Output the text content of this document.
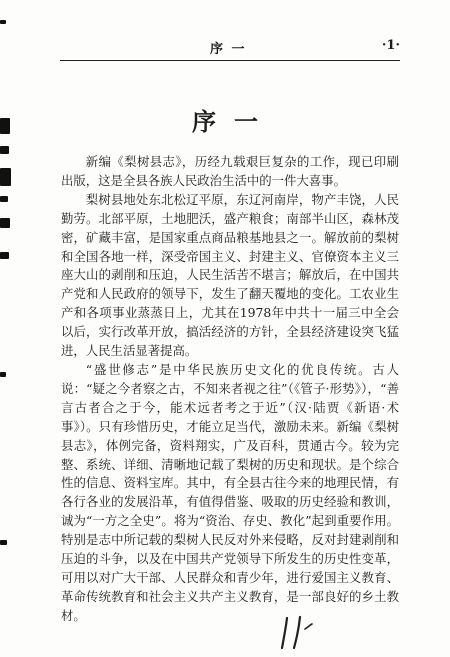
序 一	·1·
序一

新编《梨树县志》，历经九载艰巨复杂的工作，现已印刷出版，这是全县各族人民政治生活中的一件大喜事。

梨树县地处东北松辽平原，东辽河南岸，物产丰饶，人民勤劳。北部平原，土地肥沃，盛产粮食；南部半山区，森林茂密，矿藏丰富，是国家重点商品粮基地县之一。解放前的梨树和全国各地一样，深受帝国主义、封建主义、官僚资本主义三座大山的剥削和压迫，人民生活苦不堪言；解放后，在中国共产党和人民政府的领导下，发生了翻天覆地的变化。工农业生产和各项事业蒸蒸日上，尤其在1978年中共十一届三中全会以后，实行改革开放，搞活经济的方针，全县经济建设突飞猛进，人民生活显著提高。

“盛世修志”是中华民族历史文化的优良传统。古人说：“疑之今者察之古，不知来者视之往”（《管子·形势》），“善言古者合之于今，能术远者考之于近”（汉·陆贾《新语·术事》）。只有珍惜历史，才能立足当代，激励未来。新编《梨树县志》，体例完备，资料翔实，广及百科，贯通古今。较为完整、系统、详细、清晰地记载了梨树的历史和现状。是个综合性的信息、资料宝库。其中，有全县古往今来的地理民情，有各行各业的发展沿革，有值得借鉴、吸取的历史经验和教训，诚为“一方之全史”。将为“资治、存史、教化”起到重要作用。特别是志中所记载的梨树人民反对外来侵略，反对封建剥削和压迫的斗争，以及在中国共产党领导下所发生的历史性变革，可用以对广大干部、人民群众和青少年，进行爱国主义教育、革命传统教育和社会主义共产主义教育，是一部良好的乡土教材。
